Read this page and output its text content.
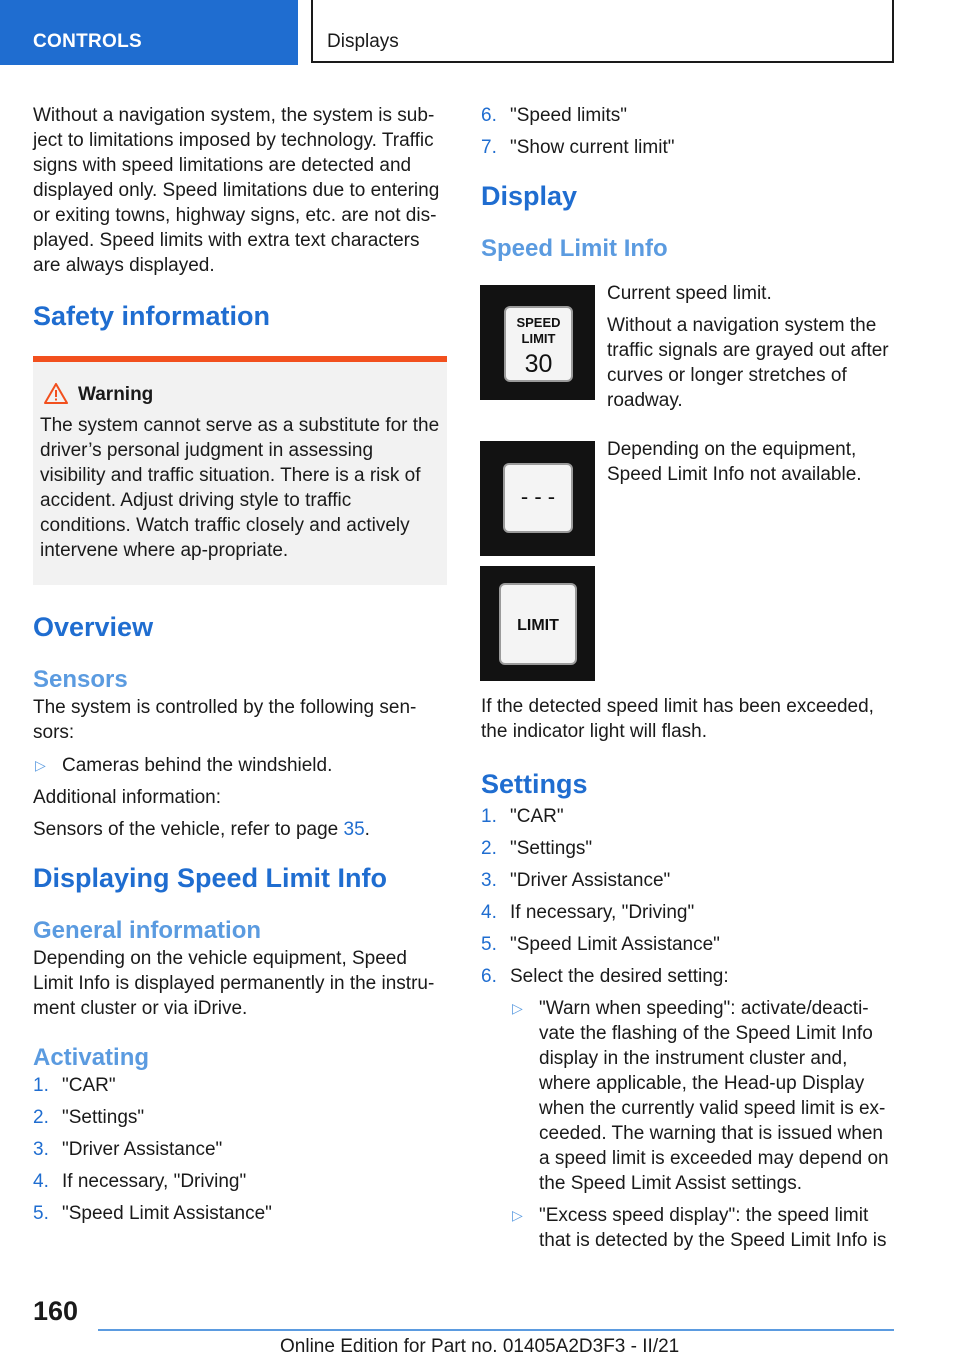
CONTROLS	Displays

Without a navigation system, the system is sub-ject to limitations imposed by technology. Traffic signs with speed limitations are detected and displayed only. Speed limitations due to entering or exiting towns, highway signs, etc. are not dis-played. Speed limits with extra text characters are always displayed.

Safety information
Warning

The system cannot serve as a substitute for the driver’s personal judgment in assessing visibility and traffic situation. There is a risk of accident. Adjust driving style to traffic conditions. Watch traffic closely and actively intervene where ap-propriate.

Overview
Sensors

The system is controlled by the following sen-sors:

▷ Cameras behind the windshield.

Additional information:

Sensors of the vehicle, refer to page 35.

Displaying Speed Limit Info
General information

Depending on the vehicle equipment, Speed Limit Info is displayed permanently in the instru-ment cluster or via iDrive.

Activating
1. "CAR"
2. "Settings"
3. "Driver Assistance"
4. If necessary, "Driving"
5. "Speed Limit Assistance"
6. "Speed limits"
7. "Show current limit"
Display
Speed Limit Info
SPEED
LIMIT
30

Current speed limit.

Without a navigation system the traffic signals are grayed out after curves or longer stretches of roadway.

- - -

Depending on the equipment, Speed Limit Info not available.

LIMIT

If the detected speed limit has been exceeded, the indicator light will flash.

Settings
1. "CAR"
2. "Settings"
3. "Driver Assistance"
4. If necessary, "Driving"
5. "Speed Limit Assistance"
6. Select the desired setting:
▷ "Warn when speeding": activate/deacti-vate the flashing of the Speed Limit Info display in the instrument cluster and, where applicable, the Head-up Display when the currently valid speed limit is ex-ceeded. The warning that is issued when a speed limit is exceeded may depend on the Speed Limit Assist settings.
▷ "Excess speed display": the speed limit that is detected by the Speed Limit Info is
160
Online Edition for Part no. 01405A2D3F3 - II/21
